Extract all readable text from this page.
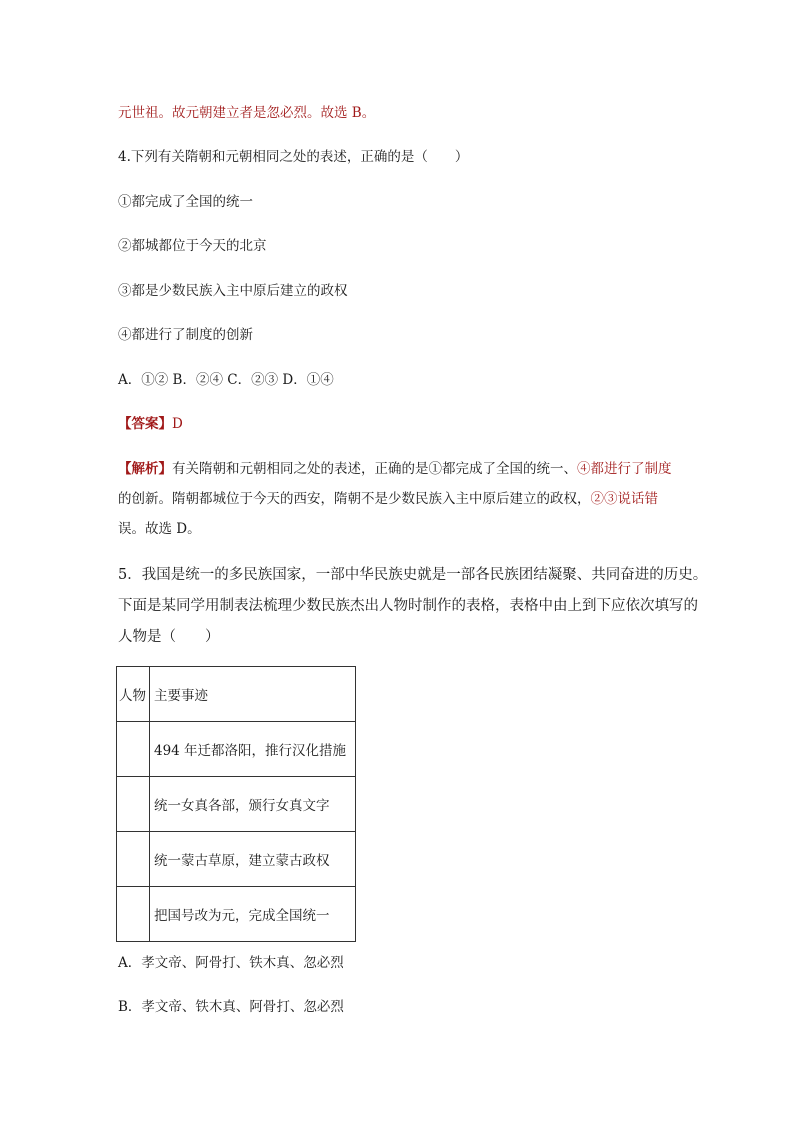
元世祖。故元朝建立者是忽必烈。故选 B。
4.下列有关隋朝和元朝相同之处的表述，正确的是（　　）
①都完成了全国的统一
②都城都位于今天的北京
③都是少数民族入主中原后建立的政权
④都进行了制度的创新
A．①② B．②④ C．②③ D．①④
【答案】D
【解析】有关隋朝和元朝相同之处的表述，正确的是①都完成了全国的统一、④都进行了制度
的创新。隋朝都城位于今天的西安，隋朝不是少数民族入主中原后建立的政权，②③说话错
误。故选 D。
5．我国是统一的多民族国家，一部中华民族史就是一部各民族团结凝聚、共同奋进的历史。
下面是某同学用制表法梳理少数民族杰出人物时制作的表格，表格中由上到下应依次填写的
人物是（　　）
人物	主要事迹
	494 年迁都洛阳，推行汉化措施
	统一女真各部，颁行女真文字
	统一蒙古草原，建立蒙古政权
	把国号改为元，完成全国统一
A．孝文帝、阿骨打、铁木真、忽必烈
B．孝文帝、铁木真、阿骨打、忽必烈
